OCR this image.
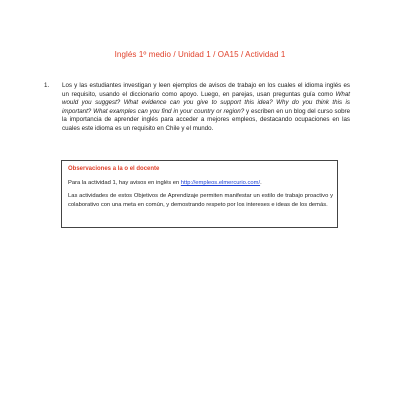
Inglés 1º medio / Unidad 1 / OA15 / Actividad 1
1. Los y las estudiantes investigan y leen ejemplos de avisos de trabajo en los cuales el idioma inglés es un requisito, usando el diccionario como apoyo. Luego, en parejas, usan preguntas guía como What would you suggest? What evidence can you give to support this idea? Why do you think this is important? What examples can you find in your country or region? y escriben en un blog del curso sobre la importancia de aprender inglés para acceder a mejores empleos, destacando ocupaciones en las cuales este idioma es un requisito en Chile y el mundo.
Observaciones a la o el docente

Para la actividad 1, hay avisos en inglés en http://empleos.elmercurio.com/.

Las actividades de estos Objetivos de Aprendizaje permiten manifestar un estilo de trabajo proactivo y colaborativo con una meta en común, y demostrando respeto por los intereses e ideas de los demás.
